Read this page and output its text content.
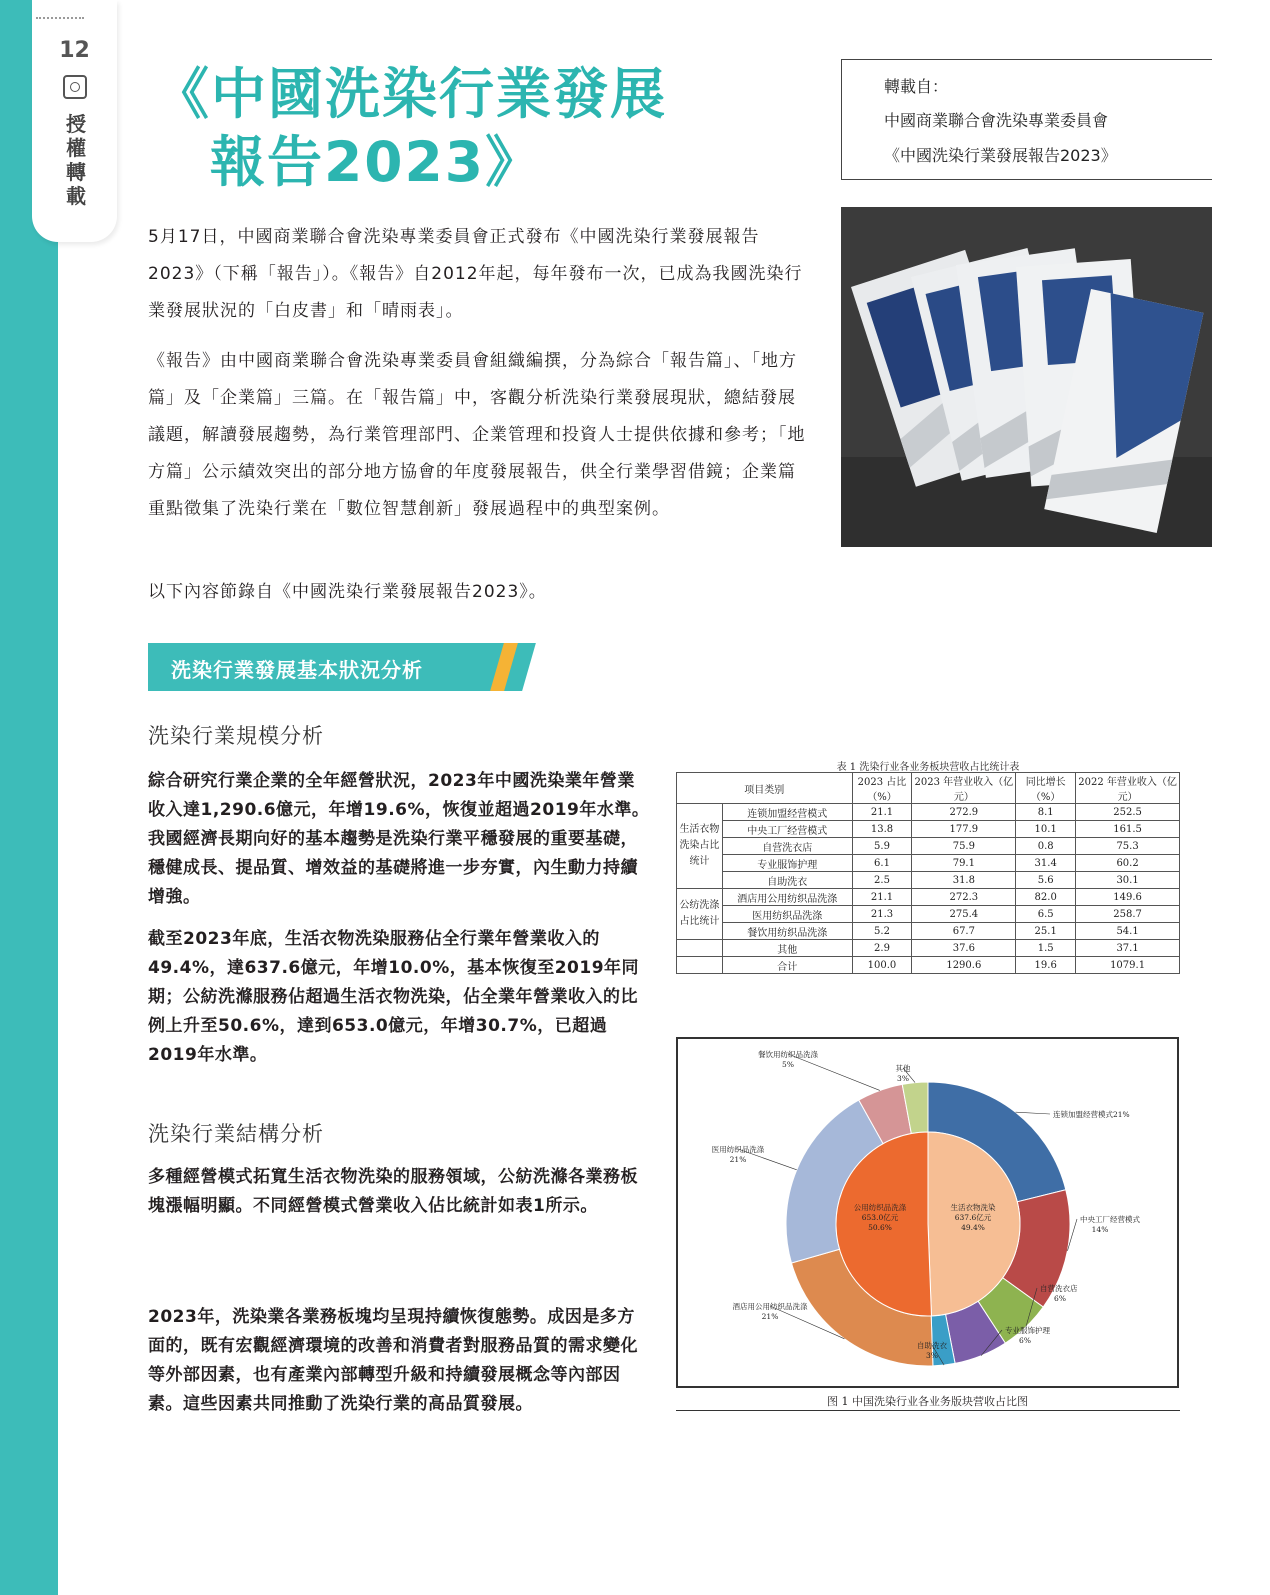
12
授權轉載
《中國洗染行業發展
報告2023》
轉載自：
中國商業聯合會洗染專業委員會
《中國洗染行業發展報告2023》
5月17日，中國商業聯合會洗染專業委員會正式發布《中國洗染行業發展報告2023》（下稱「報告」）。《報告》自2012年起，每年發布一次，已成為我國洗染行業發展狀況的「白皮書」和「晴雨表」。
《報告》由中國商業聯合會洗染專業委員會組織編撰，分為綜合「報告篇」、「地方篇」及「企業篇」三篇。在「報告篇」中，客觀分析洗染行業發展現狀，總結發展議題，解讀發展趨勢，為行業管理部門、企業管理和投資人士提供依據和參考；「地方篇」公示績效突出的部分地方協會的年度發展報告，供全行業學習借鏡；企業篇重點徵集了洗染行業在「數位智慧創新」發展過程中的典型案例。
以下內容節錄自《中國洗染行業發展報告2023》。
洗染行業發展基本狀況分析
洗染行業規模分析
綜合研究行業企業的全年經營狀況，2023年中國洗染業年營業收入達1,290.6億元，年增19.6%，恢復並超過2019年水準。我國經濟長期向好的基本趨勢是洗染行業平穩發展的重要基礎，穩健成長、提品質、增效益的基礎將進一步夯實，內生動力持續增強。
截至2023年底，生活衣物洗染服務佔全行業年營業收入的49.4%，達637.6億元，年增10.0%，基本恢復至2019年同期；公紡洗滌服務佔超過生活衣物洗染，佔全業年營業收入的比例上升至50.6%，達到653.0億元，年增30.7%，已超過2019年水準。
洗染行業結構分析
多種經營模式拓寬生活衣物洗染的服務領域，公紡洗滌各業務板塊漲幅明顯。不同經營模式營業收入佔比統計如表1所示。
2023年，洗染業各業務板塊均呈現持續恢復態勢。成因是多方面的，既有宏觀經濟環境的改善和消費者對服務品質的需求變化等外部因素，也有產業內部轉型升級和持續發展概念等內部因素。這些因素共同推動了洗染行業的高品質發展。
表 1 洗染行业各业务板块营收占比统计表
项目类别		2023 占比（%）	2023 年营业收入（亿元）	同比增长（%）	2022 年营业收入（亿元）

生活衣物洗染占比统计	连锁加盟经营模式	21.1	272.9	8.1	252.5
	中央工厂经营模式	13.8	177.9	10.1	161.5
	自营洗衣店	5.9	75.9	0.8	75.3
	专业服饰护理	6.1	79.1	31.4	60.2
	自助洗衣	2.5	31.8	5.6	30.1
公纺洗涤占比统计	酒店用公用纺织品洗涤	21.1	272.3	82.0	149.6
	医用纺织品洗涤	21.3	275.4	6.5	258.7
	餐饮用纺织品洗涤	5.2	67.7	25.1	54.1
	其他	2.9	37.6	1.5	37.1
	合计	100.0	1290.6	19.6	1079.1
生活衣物洗染
637.6亿元
49.4%
公用纺织品洗涤
653.0亿元
50.6%
连锁加盟经营模式21%
中央工厂经营模式
14%
自营洗衣店
6%
专业服饰护理
6%
自助洗衣
3%
酒店用公用纺织品洗涤
21%
医用纺织品洗涤
21%
餐饮用纺织品洗涤
5%	其他
3%
图 1 中国洗染行业各业务版块营收占比图
